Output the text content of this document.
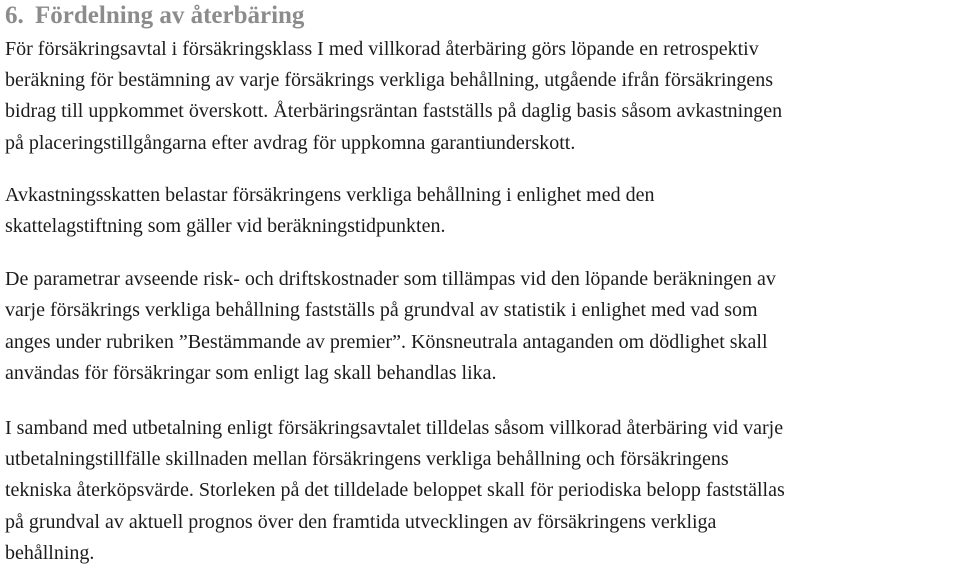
6. Fördelning av återbäring

För försäkringsavtal i försäkringsklass I med villkorad återbäring görs löpande en retrospektiv
beräkning för bestämning av varje försäkrings verkliga behållning, utgående ifrån försäkringens
bidrag till uppkommet överskott. Återbäringsräntan fastställs på daglig basis såsom avkastningen
på placeringstillgångarna efter avdrag för uppkomna garantiunderskott.

Avkastningsskatten belastar försäkringens verkliga behållning i enlighet med den
skattelagstiftning som gäller vid beräkningstidpunkten.

De parametrar avseende risk- och driftskostnader som tillämpas vid den löpande beräkningen av
varje försäkrings verkliga behållning fastställs på grundval av statistik i enlighet med vad som
anges under rubriken ”Bestämmande av premier”. Könsneutrala antaganden om dödlighet skall
användas för försäkringar som enligt lag skall behandlas lika.

I samband med utbetalning enligt försäkringsavtalet tilldelas såsom villkorad återbäring vid varje
utbetalningstillfälle skillnaden mellan försäkringens verkliga behållning och försäkringens
tekniska återköpsvärde. Storleken på det tilldelade beloppet skall för periodiska belopp fastställas
på grundval av aktuell prognos över den framtida utvecklingen av försäkringens verkliga
behållning.
